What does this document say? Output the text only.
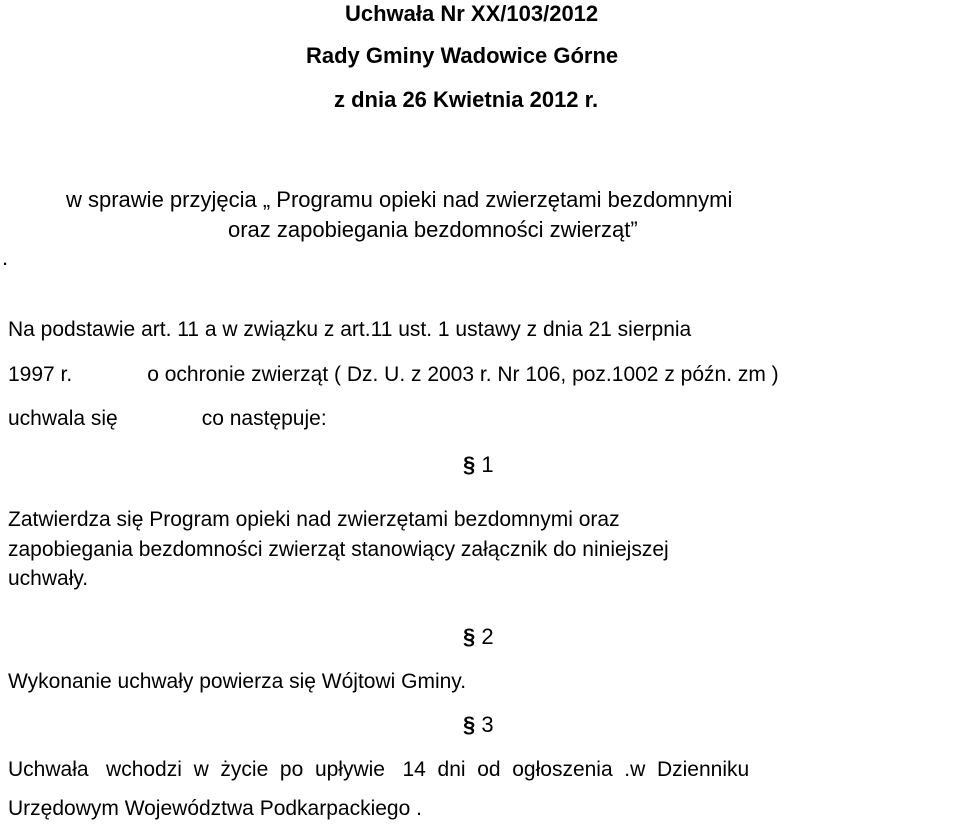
Uchwała Nr XX/103/2012
Rady Gminy Wadowice Górne
z dnia 26 Kwietnia 2012 r.
w sprawie przyjęcia „ Programu opieki nad zwierzętami bezdomnymi
oraz zapobiegania bezdomności zwierząt”
.
Na podstawie art. 11 a w związku z art.11 ust. 1 ustawy z dnia 21 sierpnia
1997 r.	o ochronie zwierząt ( Dz. U. z 2003 r. Nr 106, poz.1002 z późn. zm )
uchwala się	co następuje:
§ 1
Zatwierdza się Program opieki nad zwierzętami bezdomnymi oraz
zapobiegania bezdomności zwierząt stanowiący załącznik do niniejszej
uchwały.
§ 2
Wykonanie uchwały powierza się Wójtowi Gminy.
§ 3
Uchwała   wchodzi  w  życie  po  upływie   14  dni  od  ogłoszenia  .w  Dzienniku
Urzędowym Województwa Podkarpackiego .
